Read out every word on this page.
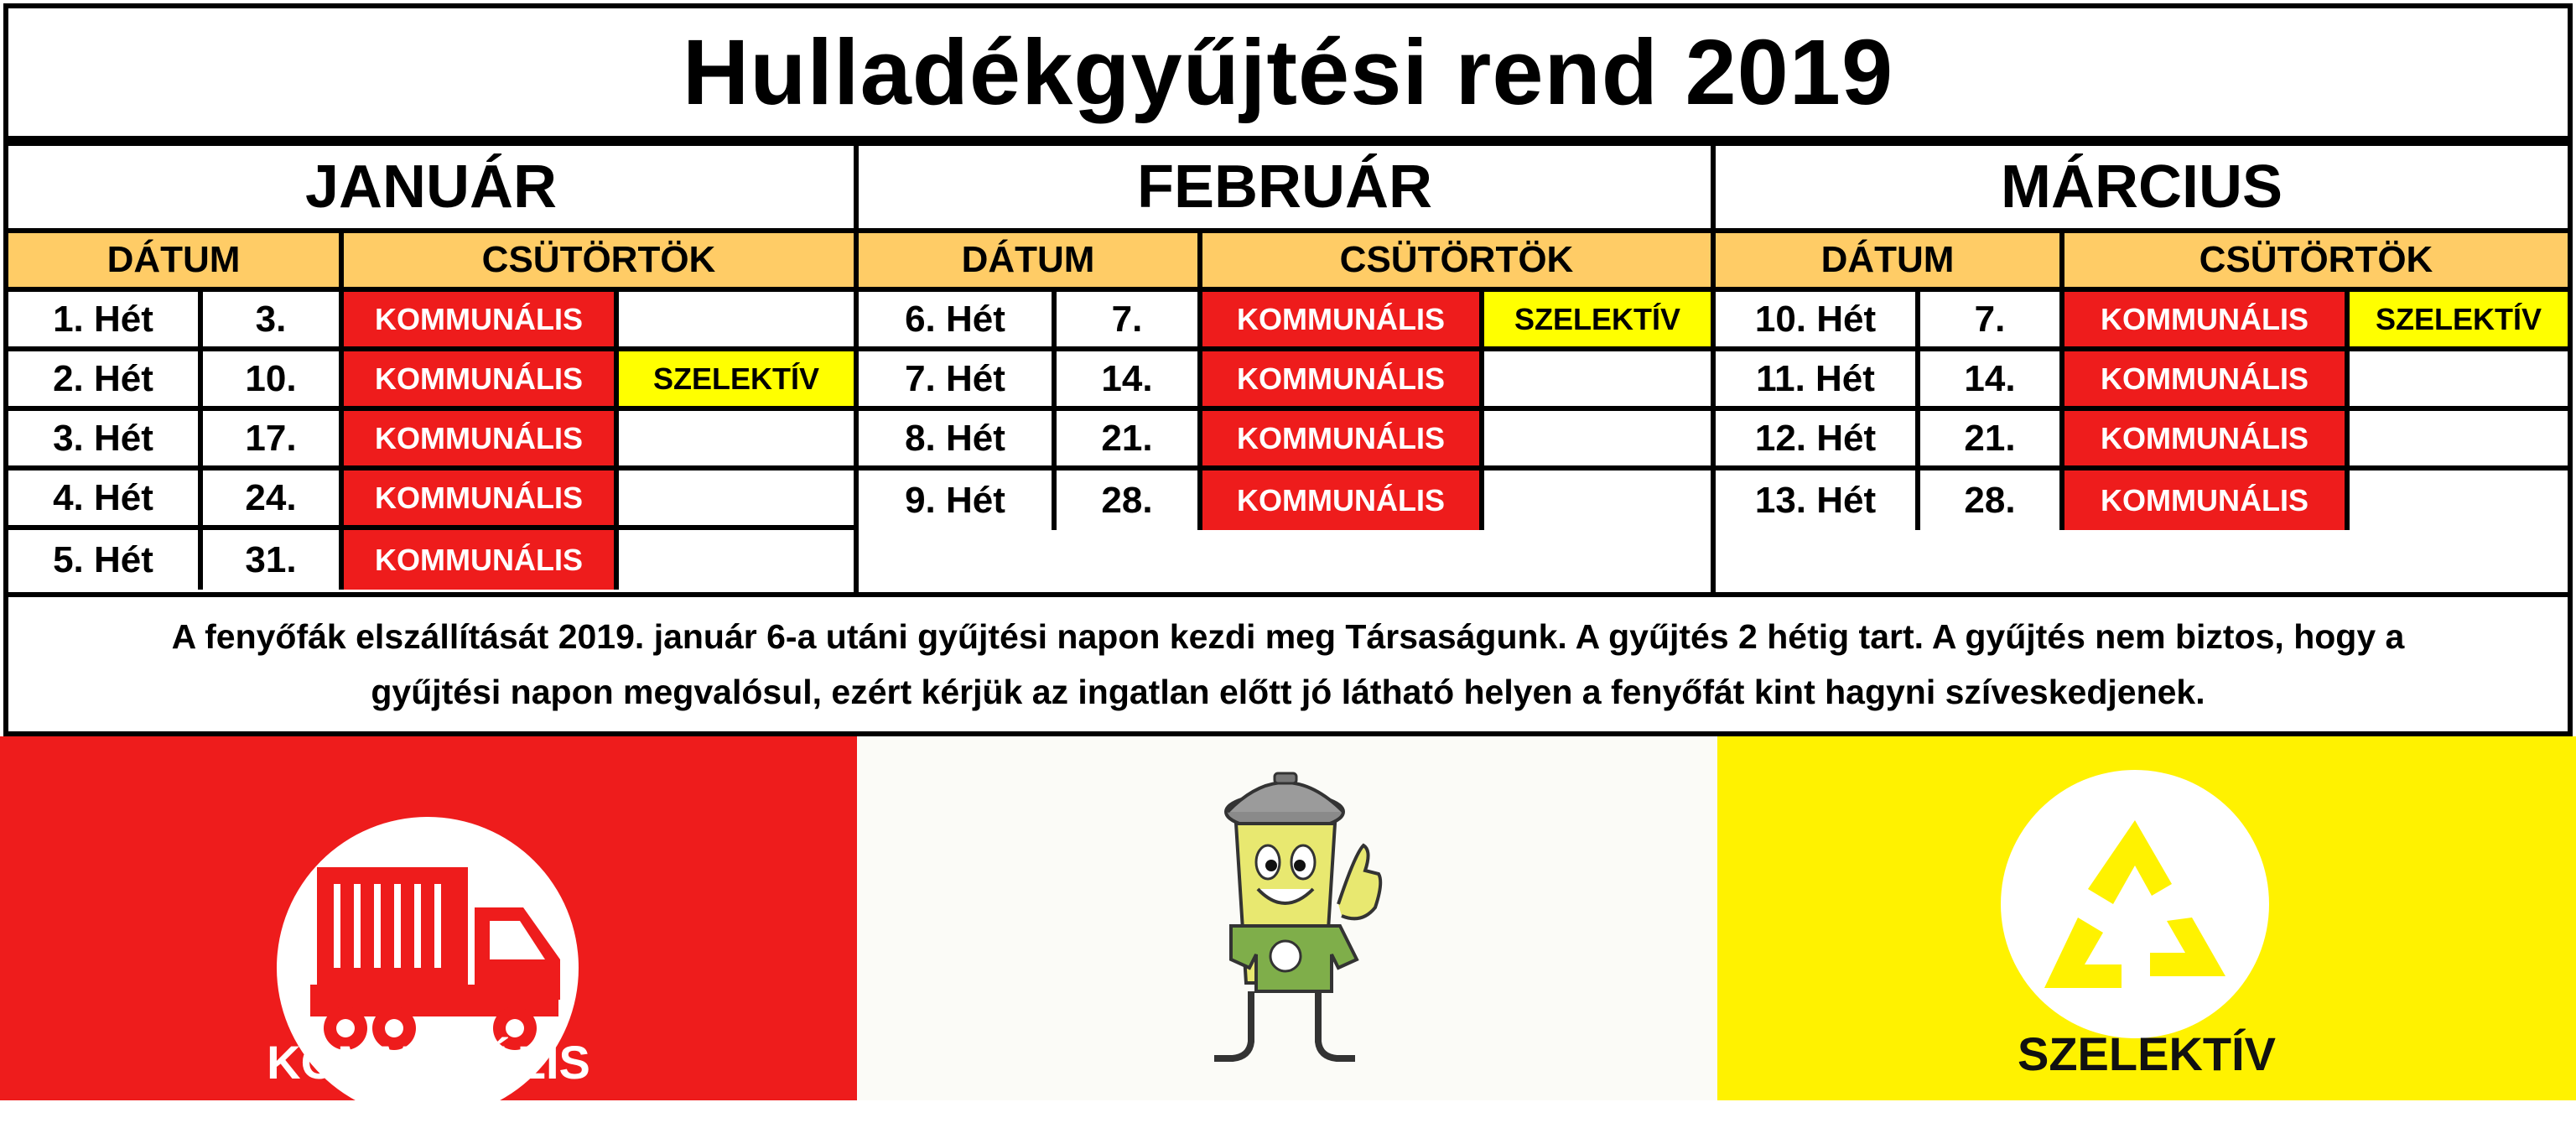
Hulladékgyűjtési rend 2019
JANUÁR
DÁTUM	CSÜTÖRTÖK
1. Hét	3.	KOMMUNÁLIS
2. Hét	10.	KOMMUNÁLIS	SZELEKTÍV
3. Hét	17.	KOMMUNÁLIS
4. Hét	24.	KOMMUNÁLIS
5. Hét	31.	KOMMUNÁLIS
FEBRUÁR
DÁTUM	CSÜTÖRTÖK
6. Hét	7.	KOMMUNÁLIS	SZELEKTÍV
7. Hét	14.	KOMMUNÁLIS
8. Hét	21.	KOMMUNÁLIS
9. Hét	28.	KOMMUNÁLIS
MÁRCIUS
DÁTUM	CSÜTÖRTÖK
10. Hét	7.	KOMMUNÁLIS	SZELEKTÍV
11. Hét	14.	KOMMUNÁLIS
12. Hét	21.	KOMMUNÁLIS
13. Hét	28.	KOMMUNÁLIS
A fenyőfák elszállítását 2019. január 6-a utáni gyűjtési napon kezdi meg Társaságunk. A gyűjtés 2 hétig tart. A gyűjtés nem biztos, hogy a
gyűjtési napon megvalósul, ezért kérjük az ingatlan előtt jó látható helyen a fenyőfát kint hagyni szíveskedjenek.
KOMMUNÁLIS	SZELEKTÍV
